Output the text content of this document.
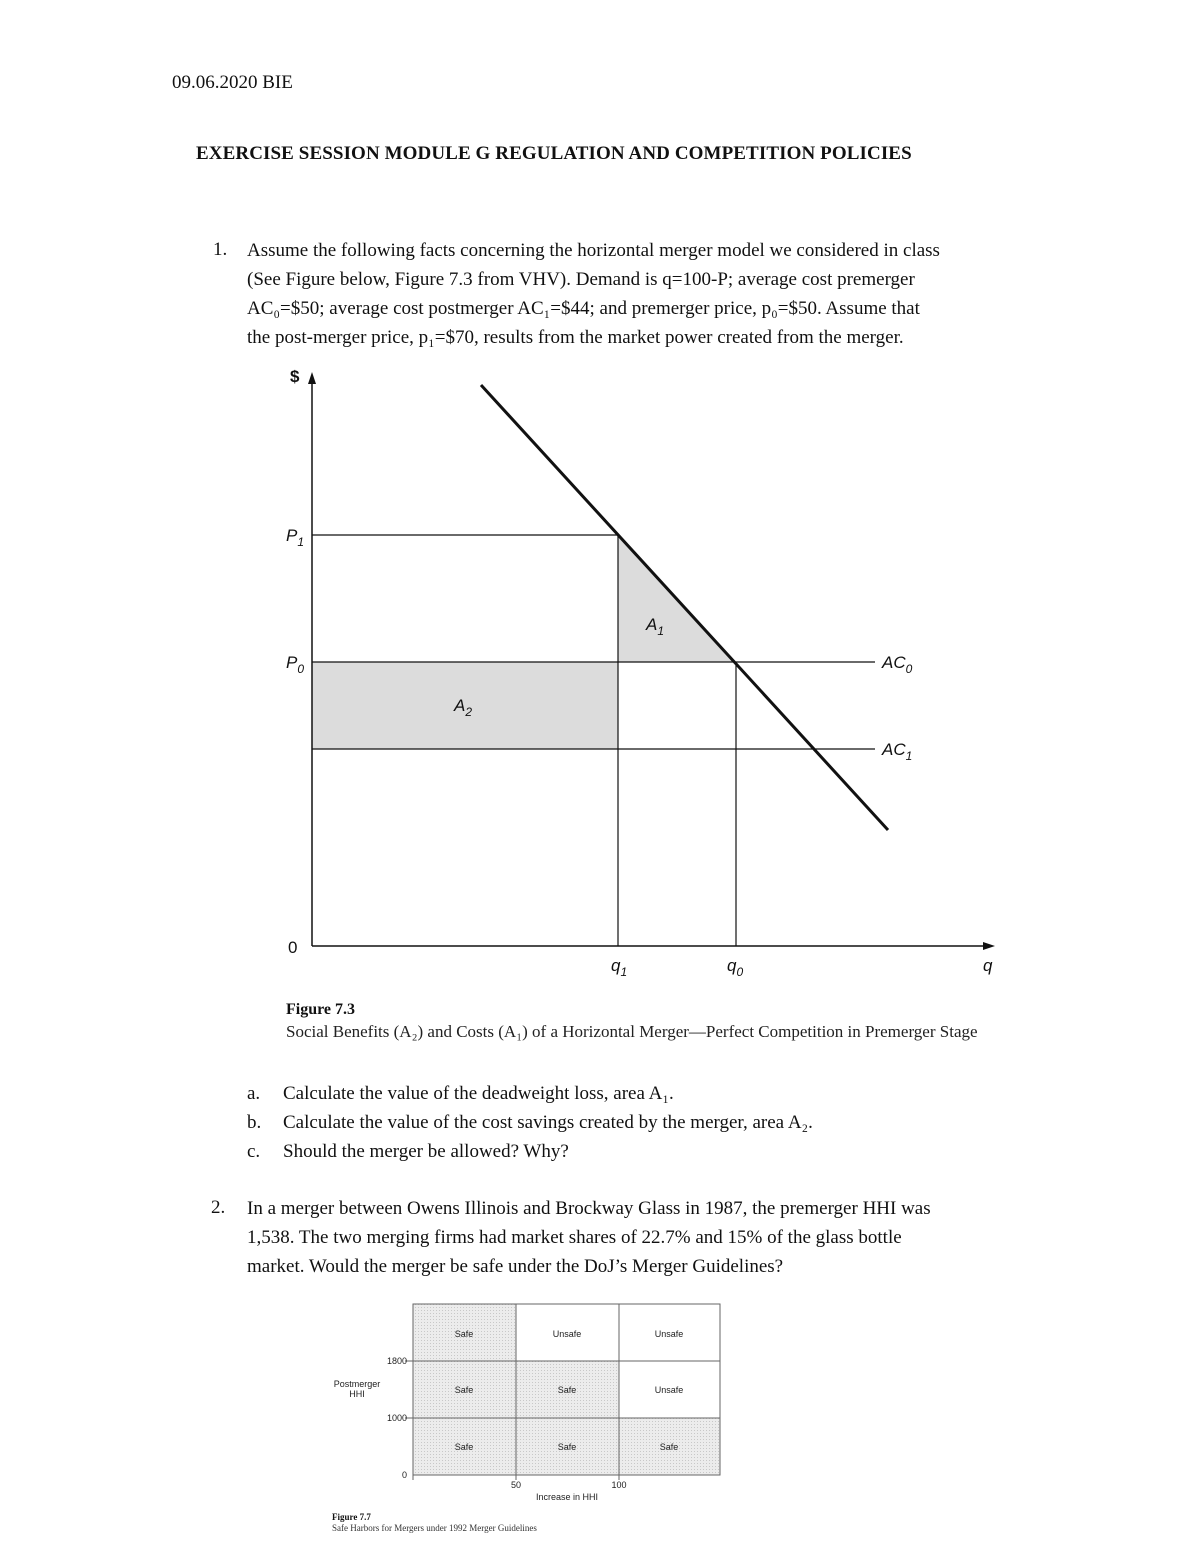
09.06.2020 BIE
EXERCISE SESSION MODULE G REGULATION AND COMPETITION POLICIES
1. Assume the following facts concerning the horizontal merger model we considered in class
(See Figure below, Figure 7.3 from VHV). Demand is q=100-P; average cost premerger
AC₀=$50; average cost postmerger AC₁=$44; and premerger price, p₀=$50. Assume that
the post-merger price, p₁=$70, results from the market power created from the merger.
$
$P_1$
$P_0$
0
$A_1$
$A_2$
$AC_0$
$AC_1$
$q_1$	$q_0$	q
Figure 7.3
Social Benefits (A₂) and Costs (A₁) of a Horizontal Merger—Perfect Competition in Premerger Stage
a. Calculate the value of the deadweight loss, area A₁.
b. Calculate the value of the cost savings created by the merger, area A₂.
c. Should the merger be allowed? Why?
2. In a merger between Owens Illinois and Brockway Glass in 1987, the premerger HHI was
1,538. The two merging firms had market shares of 22.7% and 15% of the glass bottle
market. Would the merger be safe under the DoJ’s Merger Guidelines?
Safe	Unsafe	Unsafe
Safe	Safe	Unsafe
Safe	Safe	Safe
1800
1000
0
Postmerger
HHI
50	100
Increase in HHI
Figure 7.7
Safe Harbors for Mergers under 1992 Merger Guidelines
